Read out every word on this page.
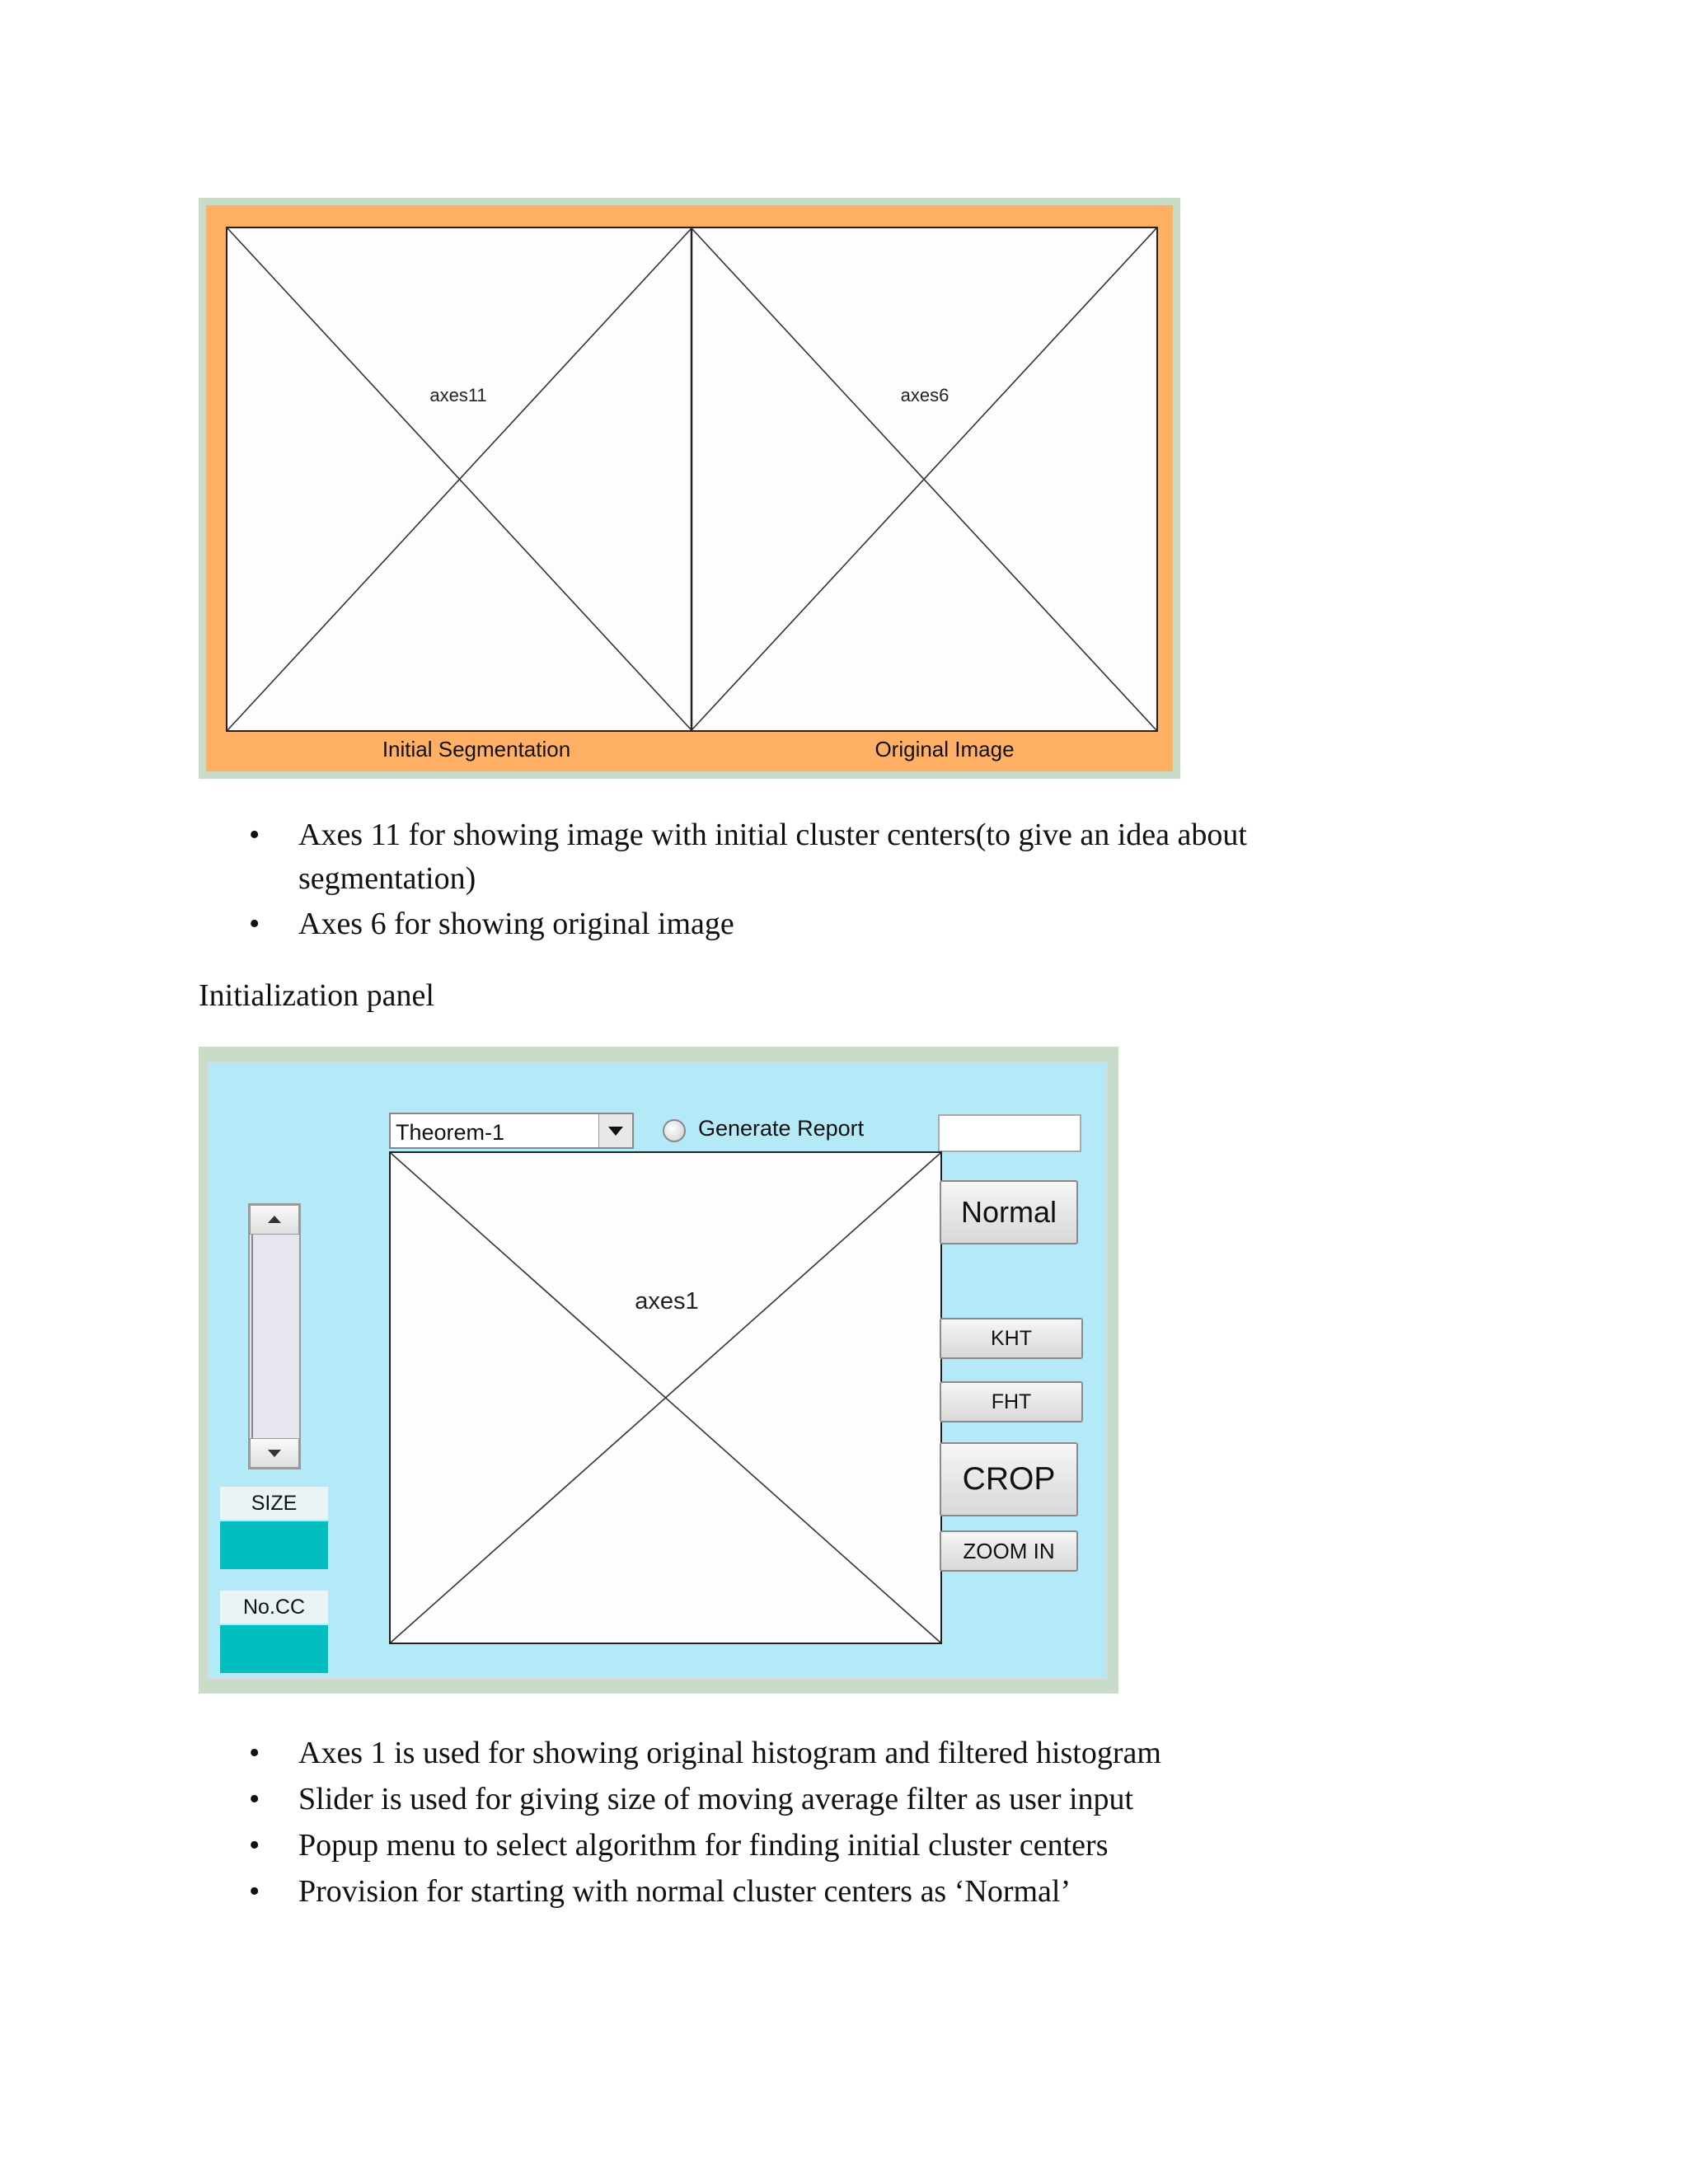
axes11	axes6
Initial Segmentation	Original Image
• Axes 11 for showing image with initial cluster centers(to give an idea about
segmentation)
• Axes 6 for showing original image
Initialization panel
Theorem-1	Generate Report
axes1
Normal
KHT
FHT
CROP
ZOOM IN
SIZE
No.CC
• Axes 1 is used for showing original histogram and filtered histogram
• Slider is used for giving size of moving average filter as user input
• Popup menu to select algorithm for finding initial cluster centers
• Provision for starting with normal cluster centers as ‘Normal’
